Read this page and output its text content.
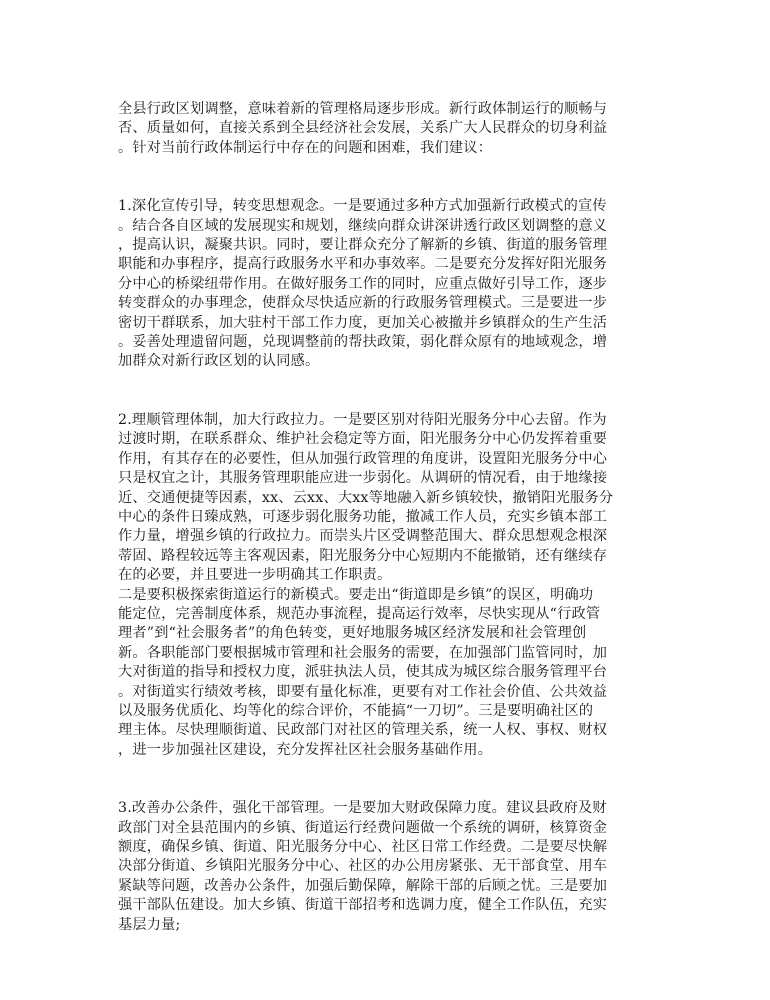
全县行政区划调整，意味着新的管理格局逐步形成。新行政体制运行的顺畅与
否、质量如何，直接关系到全县经济社会发展，关系广大人民群众的切身利益
。针对当前行政体制运行中存在的问题和困难，我们建议：

1.深化宣传引导，转变思想观念。一是要通过多种方式加强新行政模式的宣传
。结合各自区域的发展现实和规划，继续向群众讲深讲透行政区划调整的意义
，提高认识，凝聚共识。同时，要让群众充分了解新的乡镇、街道的服务管理
职能和办事程序，提高行政服务水平和办事效率。二是要充分发挥好阳光服务
分中心的桥梁纽带作用。在做好服务工作的同时，应重点做好引导工作，逐步
转变群众的办事理念，使群众尽快适应新的行政服务管理模式。三是要进一步
密切干群联系，加大驻村干部工作力度，更加关心被撤并乡镇群众的生产生活
。妥善处理遗留问题，兑现调整前的帮扶政策，弱化群众原有的地域观念，增
加群众对新行政区划的认同感。

2.理顺管理体制，加大行政拉力。一是要区别对待阳光服务分中心去留。作为
过渡时期，在联系群众、维护社会稳定等方面，阳光服务分中心仍发挥着重要
作用，有其存在的必要性，但从加强行政管理的角度讲，设置阳光服务分中心
只是权宜之计，其服务管理职能应进一步弱化。从调研的情况看，由于地缘接
近、交通便捷等因素，xx、云xx、大xx等地融入新乡镇较快，撤销阳光服务分
中心的条件日臻成熟，可逐步弱化服务功能，撤减工作人员，充实乡镇本部工
作力量，增强乡镇的行政拉力。而崇头片区受调整范围大、群众思想观念根深
蒂固、路程较远等主客观因素，阳光服务分中心短期内不能撤销，还有继续存
在的必要，并且要进一步明确其工作职责。

二是要积极探索街道运行的新模式。要走出“街道即是乡镇”的误区，明确功
能定位，完善制度体系，规范办事流程，提高运行效率，尽快实现从“行政管
理者”到“社会服务者”的角色转变，更好地服务城区经济发展和社会管理创
新。各职能部门要根据城市管理和社会服务的需要，在加强部门监管同时，加
大对街道的指导和授权力度，派驻执法人员，使其成为城区综合服务管理平台
。对街道实行绩效考核，即要有量化标准，更要有对工作社会价值、公共效益
以及服务优质化、均等化的综合评价，不能搞“一刀切”。三是要明确社区的
理主体。尽快理顺街道、民政部门对社区的管理关系，统一人权、事权、财权
，进一步加强社区建设，充分发挥社区社会服务基础作用。

3.改善办公条件，强化干部管理。一是要加大财政保障力度。建议县政府及财
政部门对全县范围内的乡镇、街道运行经费问题做一个系统的调研，核算资金
额度，确保乡镇、街道、阳光服务分中心、社区日常工作经费。二是要尽快解
决部分街道、乡镇阳光服务分中心、社区的办公用房紧张、无干部食堂、用车
紧缺等问题，改善办公条件，加强后勤保障，解除干部的后顾之忧。三是要加
强干部队伍建设。加大乡镇、街道干部招考和选调力度，健全工作队伍，充实
基层力量;
